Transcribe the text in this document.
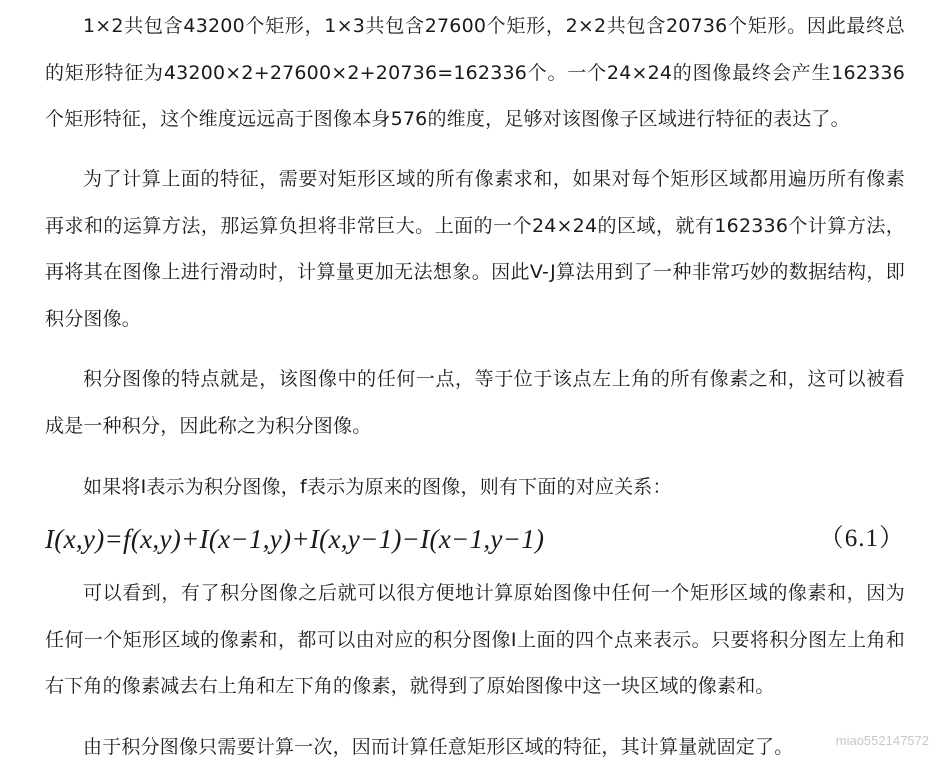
1×2共包含43200个矩形，1×3共包含27600个矩形，2×2共包含20736个矩形。因此最终总的矩形特征为43200×2+27600×2+20736=162336个。一个24×24的图像最终会产生162336个矩形特征，这个维度远远高于图像本身576的维度，足够对该图像子区域进行特征的表达了。

为了计算上面的特征，需要对矩形区域的所有像素求和，如果对每个矩形区域都用遍历所有像素再求和的运算方法，那运算负担将非常巨大。上面的一个24×24的区域，就有162336个计算方法，再将其在图像上进行滑动时，计算量更加无法想象。因此V-J算法用到了一种非常巧妙的数据结构，即积分图像。

积分图像的特点就是，该图像中的任何一点，等于位于该点左上角的所有像素之和，这可以被看成是一种积分，因此称之为积分图像。

如果将I表示为积分图像，f表示为原来的图像，则有下面的对应关系：

I(x,y)=f(x,y)+I(x−1,y)+I(x,y−1)−I(x−1,y−1)	（6.1）

可以看到，有了积分图像之后就可以很方便地计算原始图像中任何一个矩形区域的像素和，因为任何一个矩形区域的像素和，都可以由对应的积分图像I上面的四个点来表示。只要将积分图左上角和右下角的像素减去右上角和左下角的像素，就得到了原始图像中这一块区域的像素和。

由于积分图像只需要计算一次，因而计算任意矩形区域的特征，其计算量就固定了。	miao552147572
